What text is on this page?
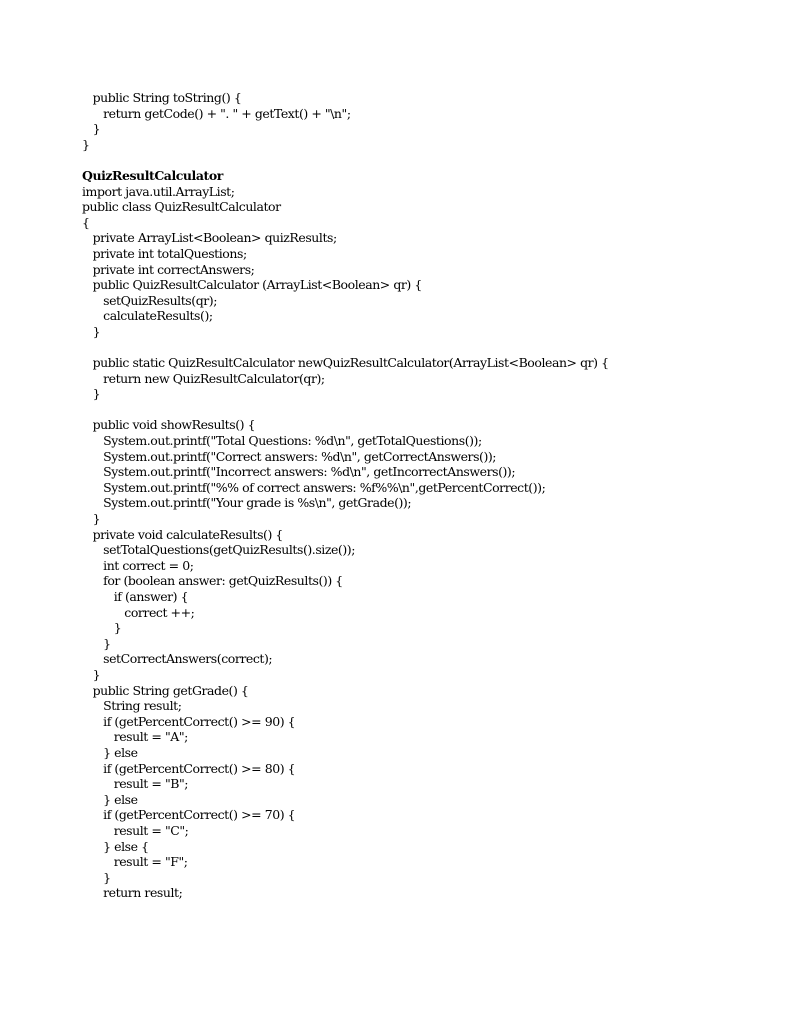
public String toString() {
return getCode() + ". " + getText() + "\n";
}
}
QuizResultCalculator
import java.util.ArrayList;
public class QuizResultCalculator
{
private ArrayList<Boolean> quizResults;
private int totalQuestions;
private int correctAnswers;
public QuizResultCalculator (ArrayList<Boolean> qr) {
setQuizResults(qr);
calculateResults();
}
public static QuizResultCalculator newQuizResultCalculator(ArrayList<Boolean> qr) {
return new QuizResultCalculator(qr);
}
public void showResults() {
System.out.printf("Total Questions: %d\n", getTotalQuestions());
System.out.printf("Correct answers: %d\n", getCorrectAnswers());
System.out.printf("Incorrect answers: %d\n", getIncorrectAnswers());
System.out.printf("%% of correct answers: %f%%\n",getPercentCorrect());
System.out.printf("Your grade is %s\n", getGrade());
}
private void calculateResults() {
setTotalQuestions(getQuizResults().size());
int correct = 0;
for (boolean answer: getQuizResults()) {
if (answer) {
correct ++;
}
}
setCorrectAnswers(correct);
}
public String getGrade() {
String result;
if (getPercentCorrect() >= 90) {
result = "A";
} else
if (getPercentCorrect() >= 80) {
result = "B";
} else
if (getPercentCorrect() >= 70) {
result = "C";
} else {
result = "F";
}
return result;
